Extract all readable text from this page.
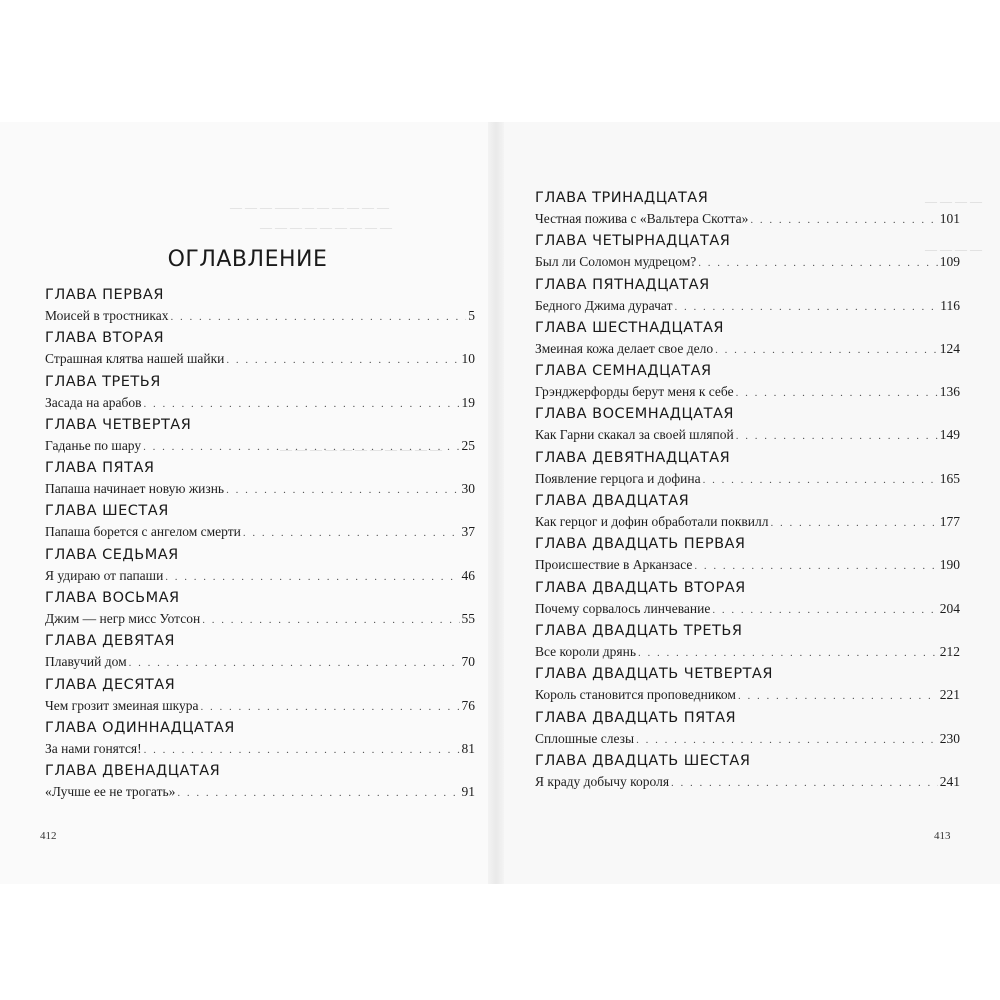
— — — —— — — — — — —
— — — — — — — — —
— — — — — — — — — — —
ОГЛАВЛЕНИЕ
— — — —
— — — —
ГЛАВА ПЕРВАЯ
Моисей в тростниках . . .	5
ГЛАВА ВТОРАЯ
Страшная клятва нашей шайки . . .	10
ГЛАВА ТРЕТЬЯ
Засада на арабов . . .	19
ГЛАВА ЧЕТВЕРТАЯ
Гаданье по шару . . .	25
ГЛАВА ПЯТАЯ
Папаша начинает новую жизнь . . .	30
ГЛАВА ШЕСТАЯ
Папаша борется с ангелом смерти . . .	37
ГЛАВА СЕДЬМАЯ
Я удираю от папаши . . .	46
ГЛАВА ВОСЬМАЯ
Джим — негр мисс Уотсон . . .	55
ГЛАВА ДЕВЯТАЯ
Плавучий дом . . .	70
ГЛАВА ДЕСЯТАЯ
Чем грозит змеиная шкура . . .	76
ГЛАВА ОДИННАДЦАТАЯ
За нами гонятся! . . .	81
ГЛАВА ДВЕНАДЦАТАЯ
«Лучше ее не трогать» . . .	91
ГЛАВА ТРИНАДЦАТАЯ
Честная пожива с «Вальтера Скотта» . . .	101
ГЛАВА ЧЕТЫРНАДЦАТАЯ
Был ли Соломон мудрецом? . . .	109
ГЛАВА ПЯТНАДЦАТАЯ
Бедного Джима дурачат . . .	116
ГЛАВА ШЕСТНАДЦАТАЯ
Змеиная кожа делает свое дело . . .	124
ГЛАВА СЕМНАДЦАТАЯ
Грэнджерфорды берут меня к себе . . .	136
ГЛАВА ВОСЕМНАДЦАТАЯ
Как Гарни скакал за своей шляпой . . .	149
ГЛАВА ДЕВЯТНАДЦАТАЯ
Появление герцога и дофина . . .	165
ГЛАВА ДВАДЦАТАЯ
Как герцог и дофин обработали поквилл . . .	177
ГЛАВА ДВАДЦАТЬ ПЕРВАЯ
Происшествие в Арканзасе . . .	190
ГЛАВА ДВАДЦАТЬ ВТОРАЯ
Почему сорвалось линчевание . . .	204
ГЛАВА ДВАДЦАТЬ ТРЕТЬЯ
Все короли дрянь . . .	212
ГЛАВА ДВАДЦАТЬ ЧЕТВЕРТАЯ
Король становится проповедником . . .	221
ГЛАВА ДВАДЦАТЬ ПЯТАЯ
Сплошные слезы . . .	230
ГЛАВА ДВАДЦАТЬ ШЕСТАЯ
Я краду добычу короля . . .	241
412	413
